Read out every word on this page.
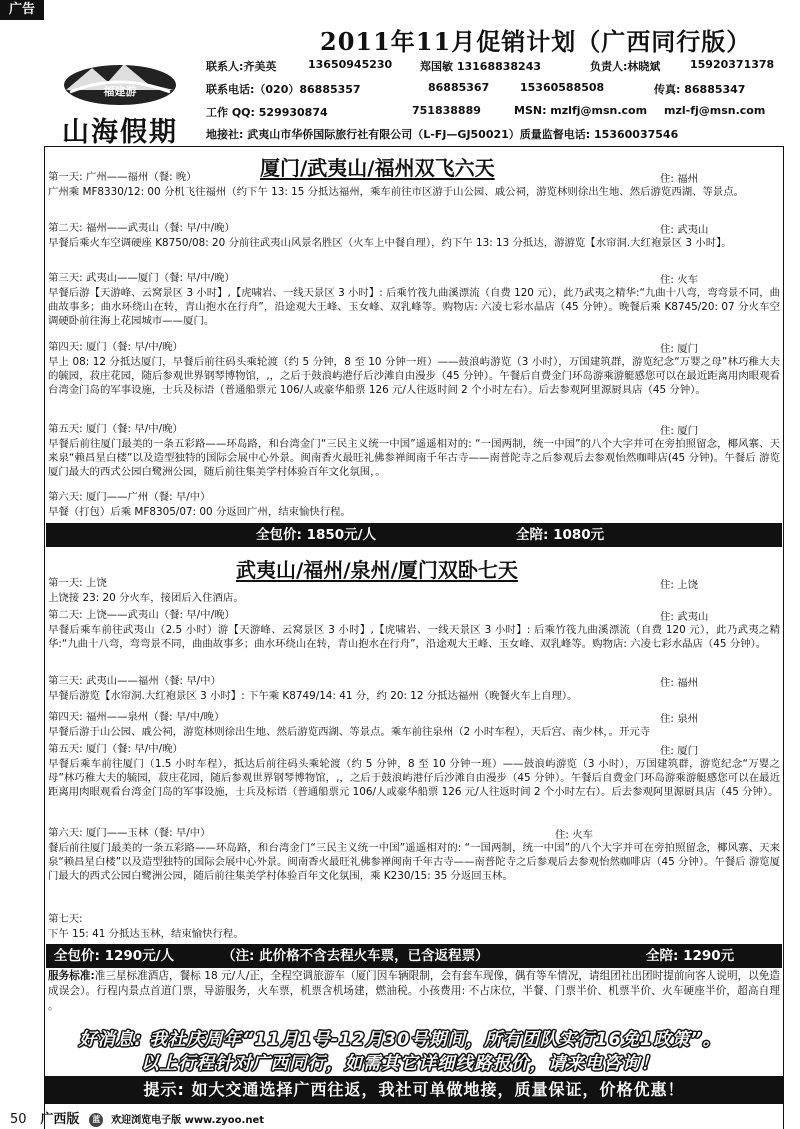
广告
2011年11月促销计划（广西同行版）
福建游
山海假期
联系人:齐美英	13650945230	郑国敏 13168838243	负责人:林晓斌	15920371378
联系电话:（020）86885357	86885367	15360588508	传真: 86885347
工作 QQ: 529930874	751838889	MSN: mzlfj@msn.com mzl-fj@msn.com
地接社: 武夷山市华侨国际旅行社有限公司（L-FJ—GJ50021）质量监督电话: 15360037546
厦门/武夷山/福州双飞六天
第一天: 广州——福州（餐: 晚）	住: 福州
广州乘 MF8330/12: 00 分机飞往福州（约下午 13: 15 分抵达福州，乘车前往市区游于山公园、戚公祠，游览林则徐出生地、然后游览西湖、等景点。
第二天: 福州——武夷山（餐: 早/中/晚）	住: 武夷山
早餐后乘火车空调硬座 K8750/08: 20 分前往武夷山风景名胜区（火车上中餐自理），约下午 13: 13 分抵达，游游览【水帘洞.大红袍景区 3 小时】。
第三天: 武夷山——厦门（餐: 早/中/晚）	住: 火车
早餐后游【天游峰、云窝景区 3 小时】,【虎啸岩、一线天景区 3 小时】: 后乘竹筏九曲溪漂流（自费 120 元），此乃武夷之精华:“九曲十八弯，弯弯景不同，曲曲故事多；曲水环绕山在转，青山抱水在行舟”，沿途观大王峰、玉女峰、双乳峰等。购物店: 六凌七彩水晶店（45 分钟）。晚餐后乘 K8745/20: 07 分火车空调硬卧前往海上花园城市——厦门。
第四天: 厦门（餐: 早/中/晚）	住: 厦门
早上 08: 12 分抵达厦门，早餐后前往码头乘轮渡（约 5 分钟，8 至 10 分钟一班）——鼓浪屿游览（3 小时），万国建筑群，游览纪念“万婴之母”林巧稚大夫的毓园，菽庄花园，随后参观世界钢琴博物馆，,，之后于鼓浪屿港仔后沙滩自由漫步（45 分钟）。午餐后自费金门环岛游乘游艇感您可以在最近距离用肉眼观看台湾金门岛的军事设施，士兵及标语（普通船票元 106/人或豪华船票 126 元/人往返时间 2 个小时左右）。后去参观阿里源厨具店（45 分钟）。
第五天: 厦门（餐: 早/中/晚）	住: 厦门
早餐后前往厦门最美的一条五彩路——环岛路，和台湾金门“三民主义统一中国”遥遥相对的: “一国两制，统一中国”的八个大字并可在旁拍照留念，椰风寨、天来泉“赖昌星白楼”以及造型独特的国际会展中心外景。闽南香火最旺礼佛参禅闽南千年古寺——南普陀寺之后参观后去参观怡然咖啡店(45 分钟)。午餐后 游览厦门最大的西式公园白鹭洲公园，随后前往集美学村体验百年文化氛围，。
第六天: 厦门——广州（餐: 早/中）
早餐（打包）后乘 MF8305/07: 00 分返回广州，结束愉快行程。
全包价: 1850元/人	全陪: 1080元
武夷山/福州/泉州/厦门双卧七天
第一天: 上饶	住: 上饶
上饶接 23: 20 分火车，接团后入住酒店。
第二天: 上饶——武夷山（餐: 早/中/晚）	住: 武夷山
早餐后乘车前往武夷山（2.5 小时）游【天游峰、云窝景区 3 小时】,【虎啸岩、一线天景区 3 小时】: 后乘竹筏九曲溪漂流（自费 120 元），此乃武夷之精华:“九曲十八弯，弯弯景不同，曲曲故事多；曲水环绕山在转，青山抱水在行舟”，沿途观大王峰、玉女峰、双乳峰等。购物店: 六凌七彩水晶店（45 分钟）。
第三天: 武夷山——福州（餐: 早/中）	住: 福州
早餐后游览【水帘洞.大红袍景区 3 小时】: 下午乘 K8749/14: 41 分，约 20: 12 分抵达福州（晚餐火车上自理）。
第四天: 福州——泉州（餐: 早/中/晚）	住: 泉州
早餐后游于山公园、戚公祠，游览林则徐出生地、然后游览西湖、等景点。乘车前往泉州（2 小时车程），天后宫、南少林，。开元寺
第五天: 厦门（餐: 早/中/晚）	住: 厦门
早餐后乘车前往厦门（1.5 小时车程），抵达后前往码头乘轮渡（约 5 分钟，8 至 10 分钟一班）——鼓浪屿游览（3 小时），万国建筑群，游览纪念“万婴之母”林巧稚大夫的毓园，菽庄花园，随后参观世界钢琴博物馆，,，之后于鼓浪屿港仔后沙滩自由漫步（45 分钟）。午餐后自费金门环岛游乘游艇感您可以在最近距离用肉眼观看台湾金门岛的军事设施，士兵及标语（普通船票元 106/人或豪华船票 126 元/人往返时间 2 个小时左右）。后去参观阿里源厨具店（45 分钟）。
第六天: 厦门——玉林（餐: 早/中）	住: 火车
餐后前往厦门最美的一条五彩路——环岛路，和台湾金门“三民主义统一中国”遥遥相对的: “一国两制，统一中国”的八个大字并可在旁拍照留念，椰风寨、天来泉“赖昌星白楼”以及造型独特的国际会展中心外景。闽南香火最旺礼佛参禅闽南千年古寺——南普陀寺之后参观后去参观怡然咖啡店（45 分钟）。午餐后 游览厦门最大的西式公园白鹭洲公园，随后前往集美学村体验百年文化氛围，乘 K230/15: 35 分返回玉林。
第七天:
下午 15: 41 分抵达玉林，结束愉快行程。
全包价: 1290元/人	（注: 此价格不含去程火车票，已含返程票）	全陪: 1290元
服务标准:准三星标准酒店，餐标 18 元/人/正，全程空调旅游车（厦门因车辆限制，会有套车现像，偶有等车情况，请组团社出团时提前向客人说明，以免造成误会）。行程内景点首道门票，导游服务，火车票，机票含机场建，燃油税。小孩费用: 不占床位，半餐、门票半价、机票半价、火车硬座半价，超高自理 。
好消息: 我社庆周年“11月1号-12月30号期间，所有团队实行16免1政策”。
以上行程针对广西同行，如需其它详细线路报价，请来电咨询！
提示: 如大交通选择广西往返，我社可单做地接，质量保证，价格优惠！
50 广西版 蓝 欢迎浏览电子版 www.zyoo.net
